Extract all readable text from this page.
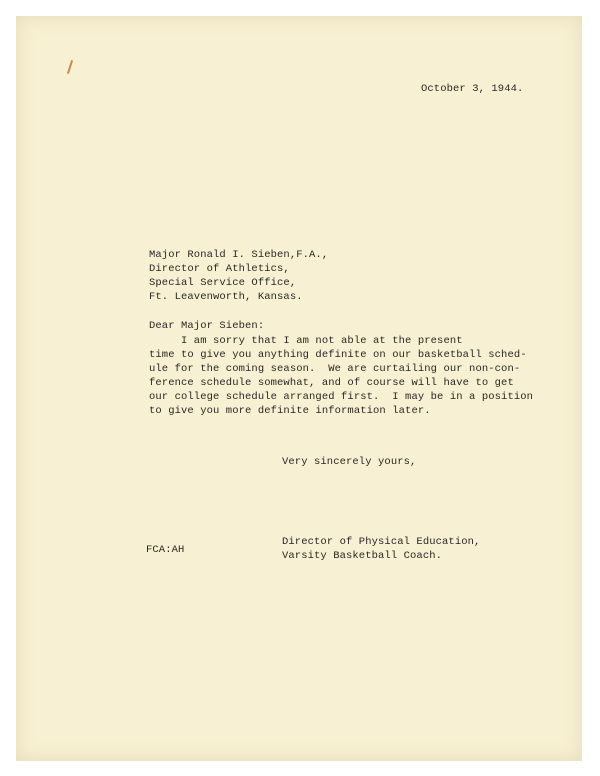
October 3, 1944.
Major Ronald I. Sieben,F.A.,
Director of Athletics,
Special Service Office,
Ft. Leavenworth, Kansas.
Dear Major Sieben:
I am sorry that I am not able at the present
time to give you anything definite on our basketball sched-
ule for the coming season.  We are curtailing our non-con-
ference schedule somewhat, and of course will have to get
our college schedule arranged first.  I may be in a position
to give you more definite information later.
Very sincerely yours,
FCA:AH
Director of Physical Education,
Varsity Basketball Coach.
